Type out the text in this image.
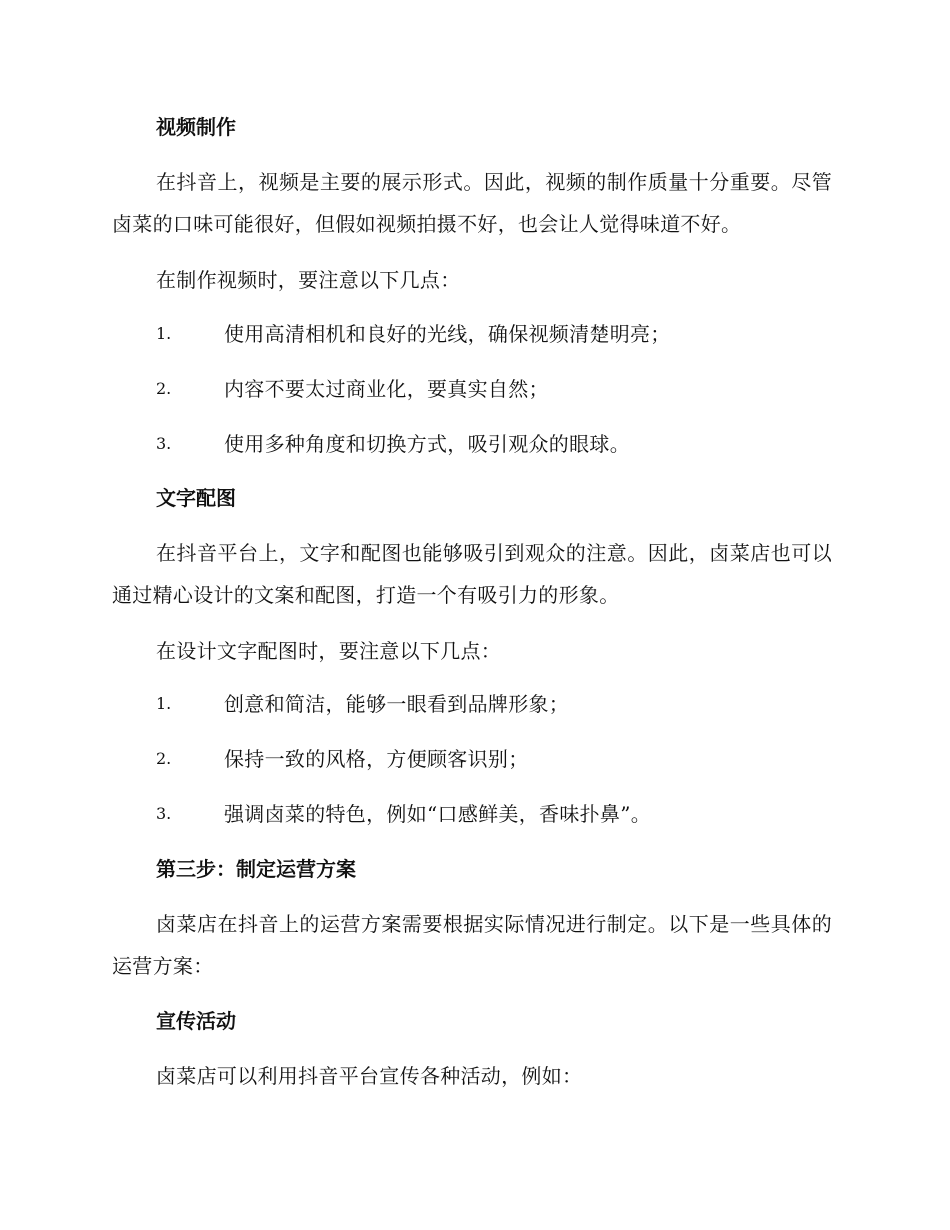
视频制作
在抖音上，视频是主要的展示形式。因此，视频的制作质量十分重要。尽管卤菜的口味可能很好，但假如视频拍摄不好，也会让人觉得味道不好。
在制作视频时，要注意以下几点：
1.	使用高清相机和良好的光线，确保视频清楚明亮；
2.	内容不要太过商业化，要真实自然；
3.	使用多种角度和切换方式，吸引观众的眼球。
文字配图
在抖音平台上，文字和配图也能够吸引到观众的注意。因此，卤菜店也可以通过精心设计的文案和配图，打造一个有吸引力的形象。
在设计文字配图时，要注意以下几点：
1.	创意和简洁，能够一眼看到品牌形象；
2.	保持一致的风格，方便顾客识别；
3.	强调卤菜的特色，例如“口感鲜美，香味扑鼻”。
第三步：制定运营方案
卤菜店在抖音上的运营方案需要根据实际情况进行制定。以下是一些具体的运营方案：
宣传活动
卤菜店可以利用抖音平台宣传各种活动，例如：
